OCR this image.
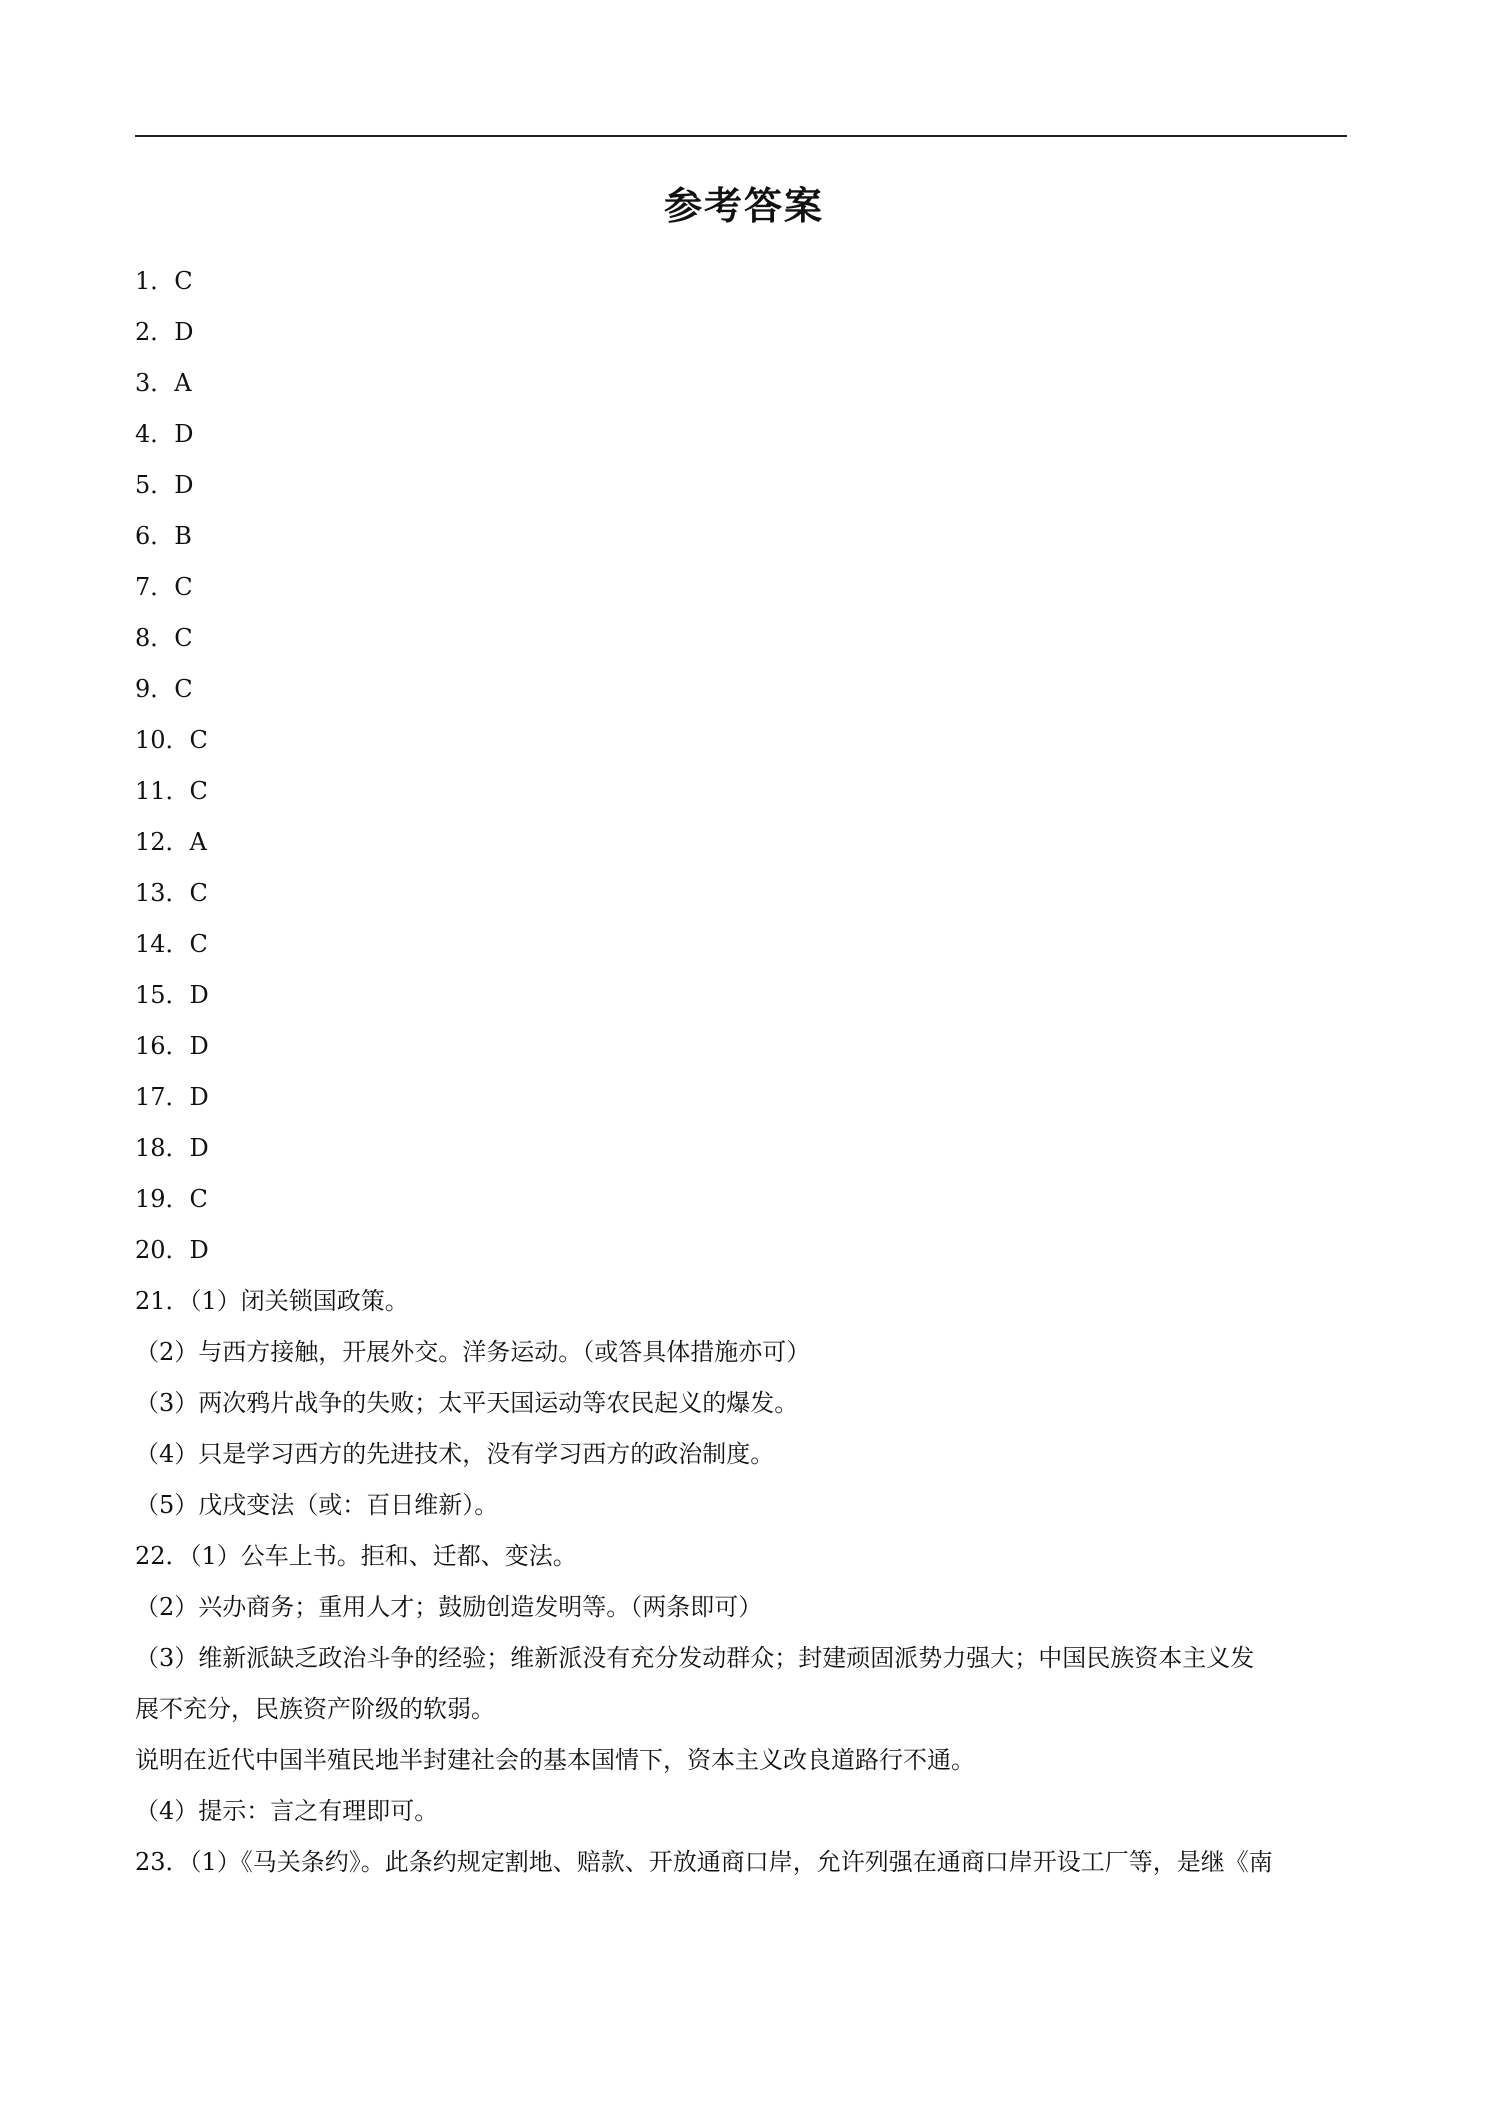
参考答案
1．C
2．D
3．A
4．D
5．D
6．B
7．C
8．C
9．C
10．C
11．C
12．A
13．C
14．C
15．D
16．D
17．D
18．D
19．C
20．D
21．（1）闭关锁国政策。
（2）与西方接触，开展外交。洋务运动。（或答具体措施亦可）
（3）两次鸦片战争的失败；太平天国运动等农民起义的爆发。
（4）只是学习西方的先进技术，没有学习西方的政治制度。
（5）戊戌变法（或：百日维新）。
22．（1）公车上书。拒和、迁都、变法。
（2）兴办商务；重用人才；鼓励创造发明等。（两条即可）
（3）维新派缺乏政治斗争的经验；维新派没有充分发动群众；封建顽固派势力强大；中国民族资本主义发
展不充分，民族资产阶级的软弱。
说明在近代中国半殖民地半封建社会的基本国情下，资本主义改良道路行不通。
（4）提示：言之有理即可。
23．（1）《马关条约》。此条约规定割地、赔款、开放通商口岸，允许列强在通商口岸开设工厂等，是继《南
